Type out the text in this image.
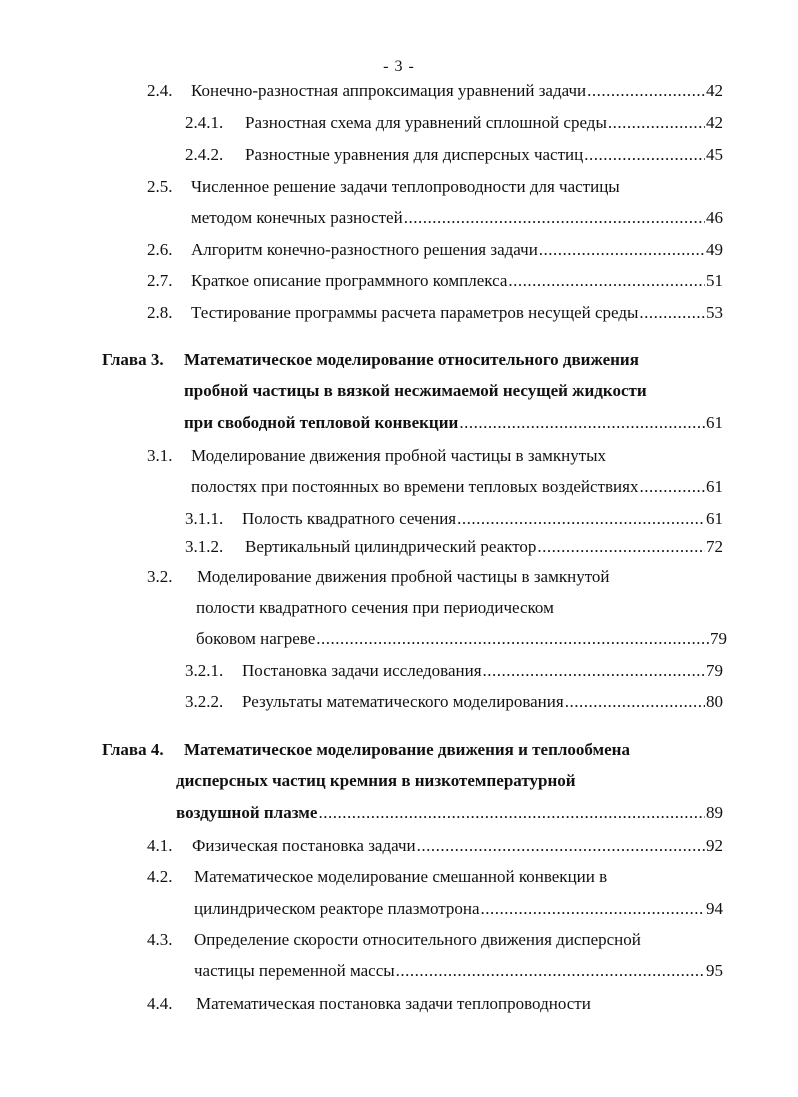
- 3 -
2.4.	Конечно-разностная аппроксимация уравнений задачи .....	42
2.4.1.	Разностная схема для уравнений сплошной среды .....	42
2.4.2.	Разностные уравнения для дисперсных частиц .....	45
2.5.	Численное решение задачи теплопроводности для частицы
методом конечных разностей .....	46
2.6.	Алгоритм конечно-разностного решения задачи .....	49
2.7.	Краткое описание программного комплекса .....	51
2.8.	Тестирование программы расчета параметров несущей среды .....	53
Глава 3.	Математическое моделирование относительного движения
пробной частицы в вязкой несжимаемой несущей жидкости
при свободной тепловой конвекции .....	61
3.1.	Моделирование движения пробной частицы в замкнутых
полостях при постоянных во времени тепловых воздействиях .....	61
3.1.1.	Полость квадратного сечения .....	61
3.1.2.	Вертикальный цилиндрический реактор .....	72
3.2.	Моделирование движения пробной частицы в замкнутой
полости квадратного сечения при периодическом
боковом нагреве .....	79
3.2.1.	Постановка задачи исследования .....	79
3.2.2.	Результаты математического моделирования .....	80
Глава 4.	Математическое моделирование движения и теплообмена
дисперсных частиц кремния в низкотемпературной
воздушной плазме .....	89
4.1.	Физическая постановка задачи .....	92
4.2.	Математическое моделирование смешанной конвекции в
цилиндрическом реакторе плазмотрона .....	94
4.3.	Определение скорости относительного движения дисперсной
частицы переменной массы .....	95
4.4.	Математическая постановка задачи теплопроводности
